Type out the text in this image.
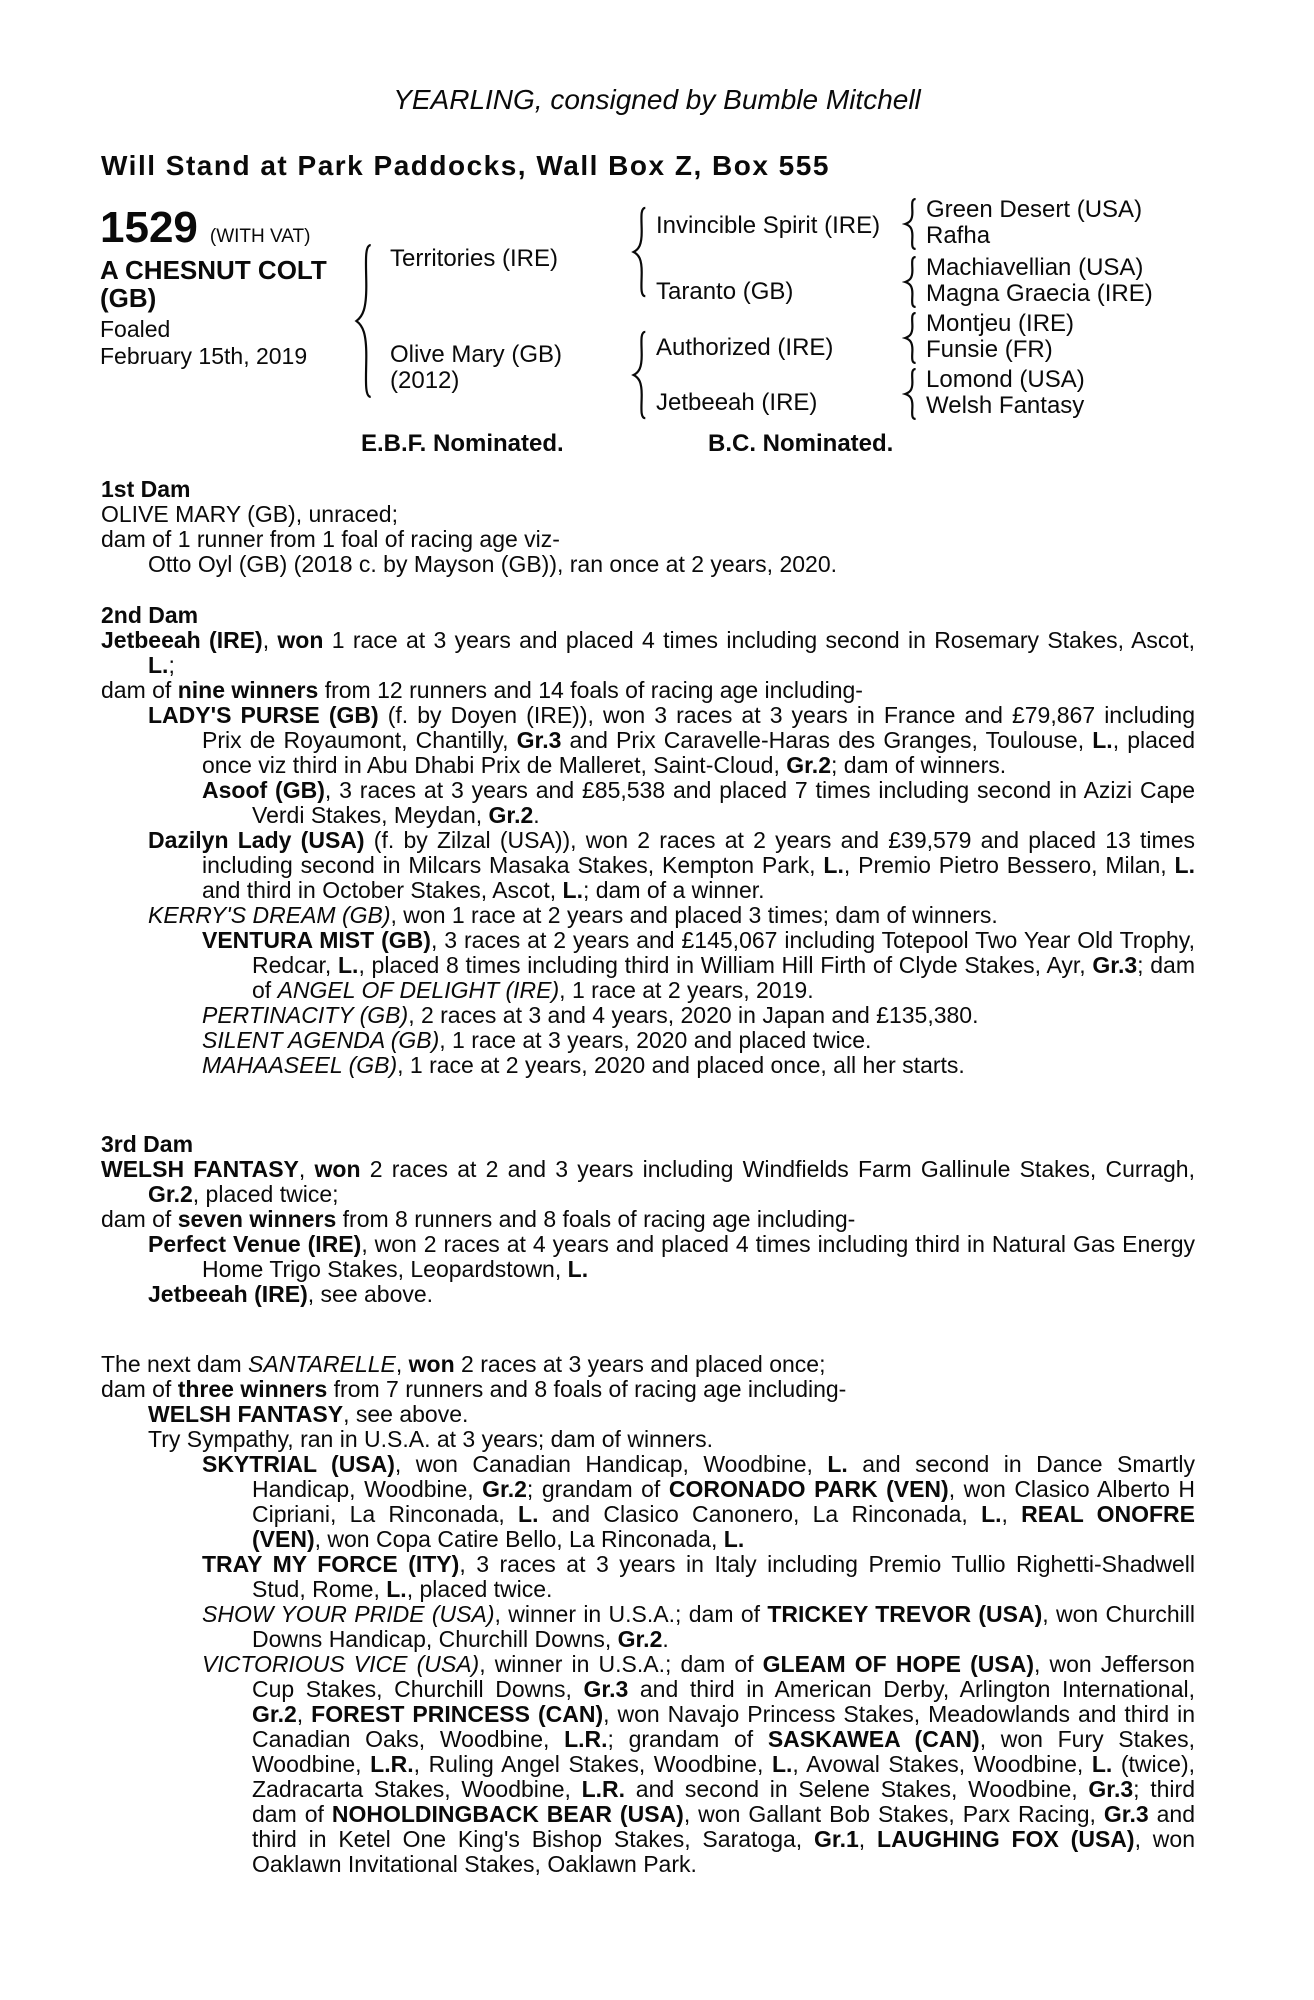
YEARLING, consigned by Bumble Mitchell
Will Stand at Park Paddocks, Wall Box Z, Box 555
1529 (WITH VAT)
A CHESNUT COLT
(GB)
Foaled
February 15th, 2019
Territories (IRE)
Olive Mary (GB)
(2012)
Invincible Spirit (IRE)
Taranto (GB)
Authorized (IRE)
Jetbeeah (IRE)
Green Desert (USA)
Rafha
Machiavellian (USA)
Magna Graecia (IRE)
Montjeu (IRE)
Funsie (FR)
Lomond (USA)
Welsh Fantasy
E.B.F. Nominated.	B.C. Nominated.
1st Dam

OLIVE MARY (GB), unraced;

dam of 1 runner from 1 foal of racing age viz-

Otto Oyl (GB) (2018 c. by Mayson (GB)), ran once at 2 years, 2020.

2nd Dam

Jetbeeah (IRE), won 1 race at 3 years and placed 4 times including second in Rosemary Stakes, Ascot, L.;

dam of nine winners from 12 runners and 14 foals of racing age including-

LADY'S PURSE (GB) (f. by Doyen (IRE)), won 3 races at 3 years in France and £79,867 including Prix de Royaumont, Chantilly, Gr.3 and Prix Caravelle-Haras des Granges, Toulouse, L., placed once viz third in Abu Dhabi Prix de Malleret, Saint-Cloud, Gr.2; dam of winners.

Asoof (GB), 3 races at 3 years and £85,538 and placed 7 times including second in Azizi Cape Verdi Stakes, Meydan, Gr.2.

Dazilyn Lady (USA) (f. by Zilzal (USA)), won 2 races at 2 years and £39,579 and placed 13 times including second in Milcars Masaka Stakes, Kempton Park, L., Premio Pietro Bessero, Milan, L. and third in October Stakes, Ascot, L.; dam of a winner.

KERRY'S DREAM (GB), won 1 race at 2 years and placed 3 times; dam of winners.

VENTURA MIST (GB), 3 races at 2 years and £145,067 including Totepool Two Year Old Trophy, Redcar, L., placed 8 times including third in William Hill Firth of Clyde Stakes, Ayr, Gr.3; dam of ANGEL OF DELIGHT (IRE), 1 race at 2 years, 2019.

PERTINACITY (GB), 2 races at 3 and 4 years, 2020 in Japan and £135,380.

SILENT AGENDA (GB), 1 race at 3 years, 2020 and placed twice.

MAHAASEEL (GB), 1 race at 2 years, 2020 and placed once, all her starts.

3rd Dam

WELSH FANTASY, won 2 races at 2 and 3 years including Windfields Farm Gallinule Stakes, Curragh, Gr.2, placed twice;

dam of seven winners from 8 runners and 8 foals of racing age including-

Perfect Venue (IRE), won 2 races at 4 years and placed 4 times including third in Natural Gas Energy Home Trigo Stakes, Leopardstown, L.

Jetbeeah (IRE), see above.

The next dam SANTARELLE, won 2 races at 3 years and placed once;

dam of three winners from 7 runners and 8 foals of racing age including-

WELSH FANTASY, see above.

Try Sympathy, ran in U.S.A. at 3 years; dam of winners.

SKYTRIAL (USA), won Canadian Handicap, Woodbine, L. and second in Dance Smartly Handicap, Woodbine, Gr.2; grandam of CORONADO PARK (VEN), won Clasico Alberto H Cipriani, La Rinconada, L. and Clasico Canonero, La Rinconada, L., REAL ONOFRE (VEN), won Copa Catire Bello, La Rinconada, L.

TRAY MY FORCE (ITY), 3 races at 3 years in Italy including Premio Tullio Righetti-Shadwell Stud, Rome, L., placed twice.

SHOW YOUR PRIDE (USA), winner in U.S.A.; dam of TRICKEY TREVOR (USA), won Churchill Downs Handicap, Churchill Downs, Gr.2.

VICTORIOUS VICE (USA), winner in U.S.A.; dam of GLEAM OF HOPE (USA), won Jefferson Cup Stakes, Churchill Downs, Gr.3 and third in American Derby, Arlington International, Gr.2, FOREST PRINCESS (CAN), won Navajo Princess Stakes, Meadowlands and third in Canadian Oaks, Woodbine, L.R.; grandam of SASKAWEA (CAN), won Fury Stakes, Woodbine, L.R., Ruling Angel Stakes, Woodbine, L., Avowal Stakes, Woodbine, L. (twice), Zadracarta Stakes, Woodbine, L.R. and second in Selene Stakes, Woodbine, Gr.3; third dam of NOHOLDINGBACK BEAR (USA), won Gallant Bob Stakes, Parx Racing, Gr.3 and third in Ketel One King's Bishop Stakes, Saratoga, Gr.1, LAUGHING FOX (USA), won Oaklawn Invitational Stakes, Oaklawn Park.
